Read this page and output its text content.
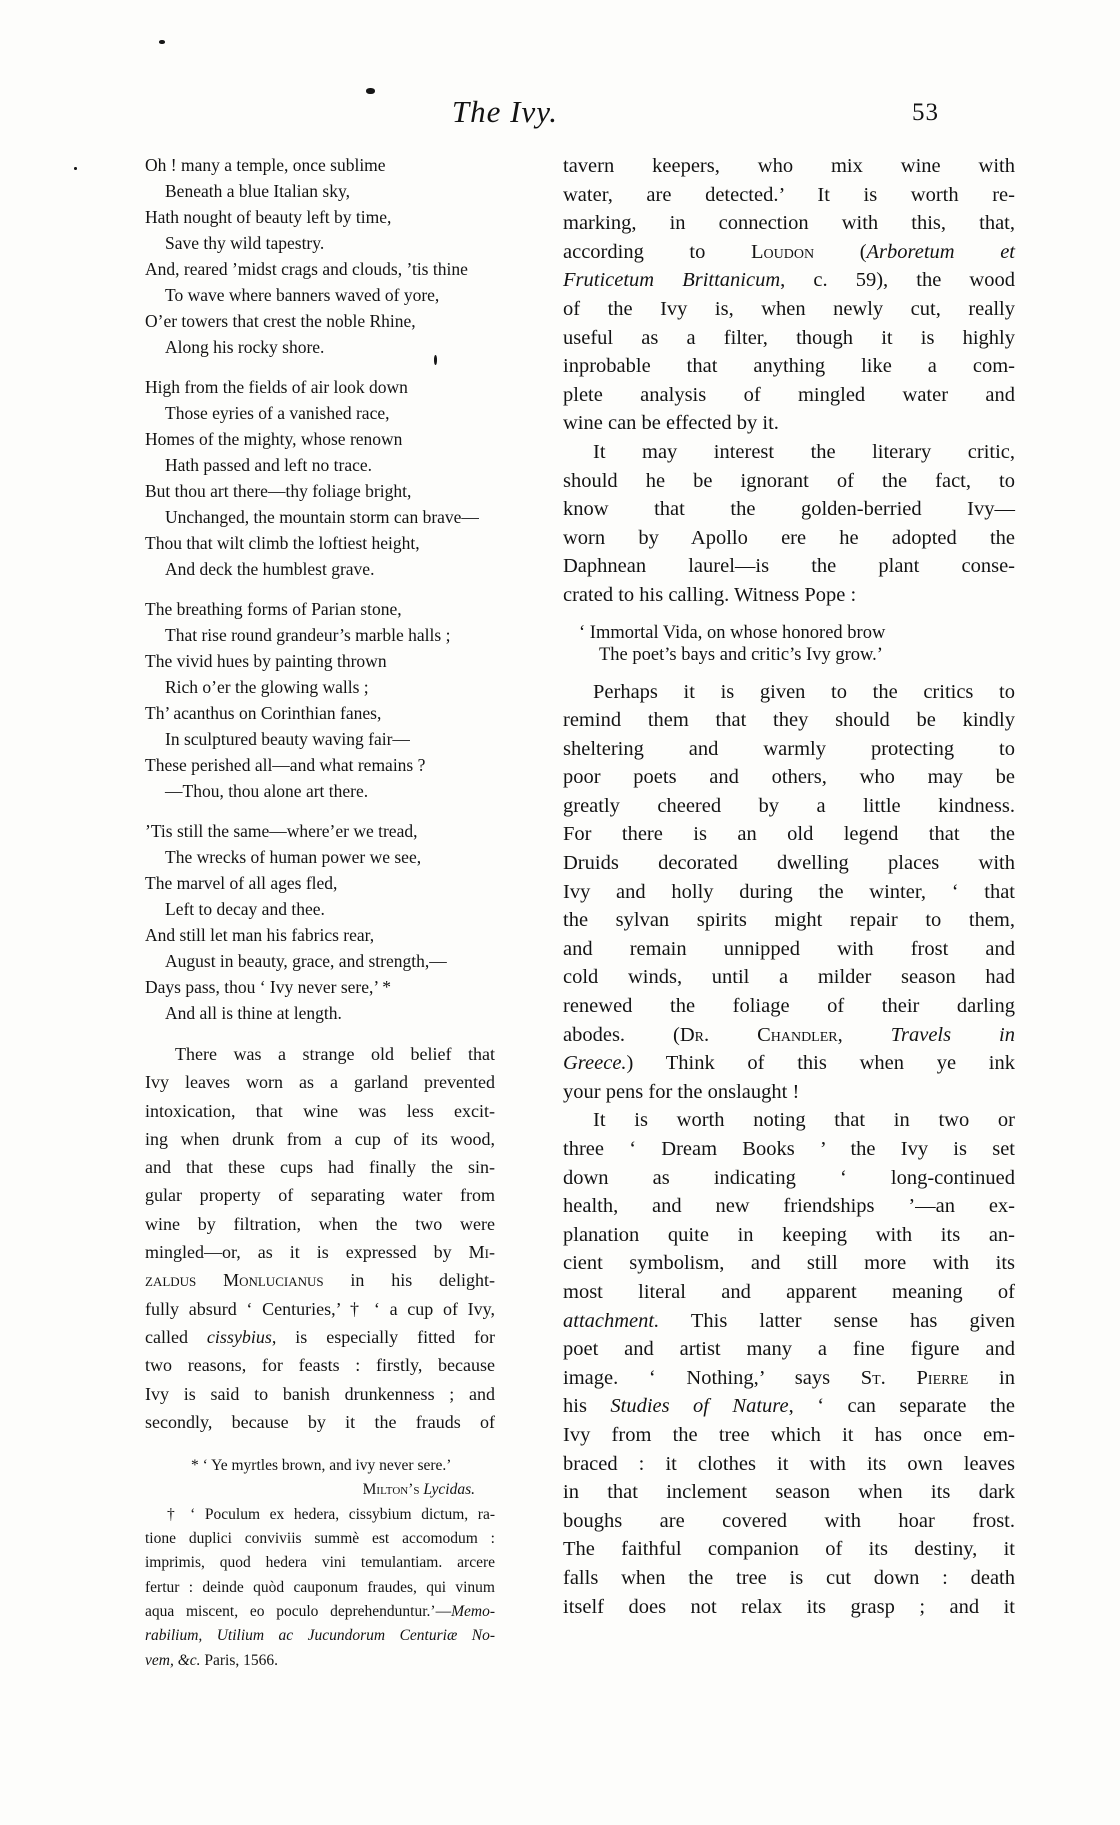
The Ivy.	53
Oh ! many a temple, once sublime
Beneath a blue Italian sky,
Hath nought of beauty left by time,
Save thy wild tapestry.
And, reared ’midst crags and clouds, ’tis thine
To wave where banners waved of yore,
O’er towers that crest the noble Rhine,
Along his rocky shore.
High from the fields of air look down
Those eyries of a vanished race,
Homes of the mighty, whose renown
Hath passed and left no trace.
But thou art there—thy foliage bright,
Unchanged, the mountain storm can brave—
Thou that wilt climb the loftiest height,
And deck the humblest grave.
The breathing forms of Parian stone,
That rise round grandeur’s marble halls ;
The vivid hues by painting thrown
Rich o’er the glowing walls ;
Th’ acanthus on Corinthian fanes,
In sculptured beauty waving fair—
These perished all—and what remains ?
—Thou, thou alone art there.
’Tis still the same—where’er we tread,
The wrecks of human power we see,
The marvel of all ages fled,
Left to decay and thee.
And still let man his fabrics rear,
August in beauty, grace, and strength,—
Days pass, thou ‘ Ivy never sere,’ *
And all is thine at length.
There was a strange old belief that
Ivy leaves worn as a garland prevented
intoxication, that wine was less excit-
ing when drunk from a cup of its wood,
and that these cups had finally the sin-
gular property of separating water from
wine by filtration, when the two were
mingled—or, as it is expressed by Mi-
zaldus Monlucianus in his delight-
fully absurd ‘ Centuries,’ † ‘ a cup of Ivy,
called cissybius, is especially fitted for
two reasons, for feasts : firstly, because
Ivy is said to banish drunkenness ; and
secondly, because by it the frauds of
* ‘ Ye myrtles brown, and ivy never sere.’
Milton’s Lycidas.
† ‘ Poculum ex hedera, cissybium dictum, ra-
tione duplici conviviis summè est accomodum :
imprimis, quod hedera vini temulantiam. arcere
fertur : deinde quòd cauponum fraudes, qui vinum
aqua miscent, eo poculo deprehenduntur.’—Memo-
rabilium, Utilium ac Jucundorum Centuriæ No-
vem, &c. Paris, 1566.
tavern keepers, who mix wine with
water, are detected.’ It is worth re-
marking, in connection with this, that,
according to Loudon (Arboretum et
Fruticetum Brittanicum, c. 59), the wood
of the Ivy is, when newly cut, really
useful as a filter, though it is highly
inprobable that anything like a com-
plete analysis of mingled water and
wine can be effected by it.
It may interest the literary critic,
should he be ignorant of the fact, to
know that the golden-berried Ivy—
worn by Apollo ere he adopted the
Daphnean laurel—is the plant conse-
crated to his calling. Witness Pope :
‘ Immortal Vida, on whose honored brow
The poet’s bays and critic’s Ivy grow.’
Perhaps it is given to the critics to
remind them that they should be kindly
sheltering and warmly protecting to
poor poets and others, who may be
greatly cheered by a little kindness.
For there is an old legend that the
Druids decorated dwelling places with
Ivy and holly during the winter, ‘ that
the sylvan spirits might repair to them,
and remain unnipped with frost and
cold winds, until a milder season had
renewed the foliage of their darling
abodes. (Dr. Chandler, Travels in
Greece.) Think of this when ye ink
your pens for the onslaught !
It is worth noting that in two or
three ‘ Dream Books ’ the Ivy is set
down as indicating ‘ long-continued
health, and new friendships ’—an ex-
planation quite in keeping with its an-
cient symbolism, and still more with its
most literal and apparent meaning of
attachment. This latter sense has given
poet and artist many a fine figure and
image. ‘ Nothing,’ says St. Pierre in
his Studies of Nature, ‘ can separate the
Ivy from the tree which it has once em-
braced : it clothes it with its own leaves
in that inclement season when its dark
boughs are covered with hoar frost.
The faithful companion of its destiny, it
falls when the tree is cut down : death
itself does not relax its grasp ; and it
